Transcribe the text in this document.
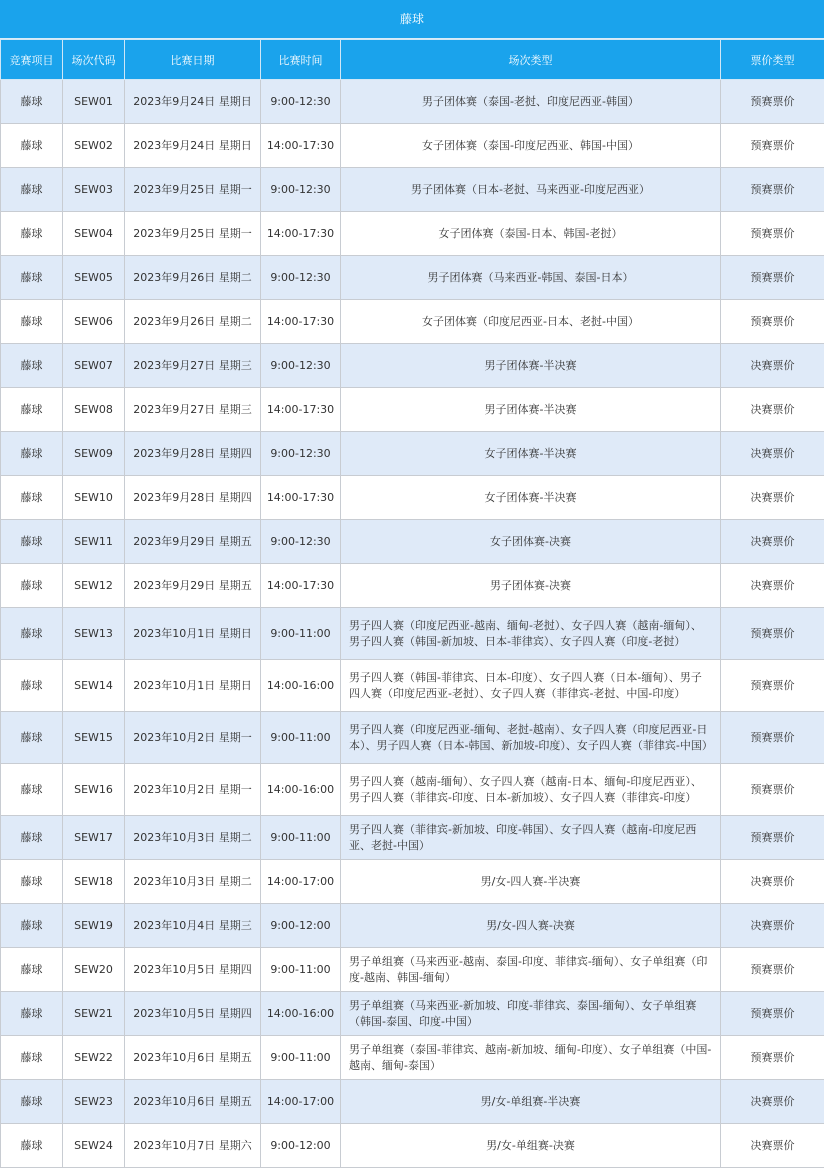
藤球
竞赛项目	场次代码	比赛日期	比赛时间	场次类型	票价类型
藤球	SEW01	2023年9月24日 星期日	9:00-12:30	男子团体赛（泰国-老挝、印度尼西亚-韩国）	预赛票价
藤球	SEW02	2023年9月24日 星期日	14:00-17:30	女子团体赛（泰国-印度尼西亚、韩国-中国）	预赛票价
藤球	SEW03	2023年9月25日 星期一	9:00-12:30	男子团体赛（日本-老挝、马来西亚-印度尼西亚）	预赛票价
藤球	SEW04	2023年9月25日 星期一	14:00-17:30	女子团体赛（泰国-日本、韩国-老挝）	预赛票价
藤球	SEW05	2023年9月26日 星期二	9:00-12:30	男子团体赛（马来西亚-韩国、泰国-日本）	预赛票价
藤球	SEW06	2023年9月26日 星期二	14:00-17:30	女子团体赛（印度尼西亚-日本、老挝-中国）	预赛票价
藤球	SEW07	2023年9月27日 星期三	9:00-12:30	男子团体赛-半决赛	决赛票价
藤球	SEW08	2023年9月27日 星期三	14:00-17:30	男子团体赛-半决赛	决赛票价
藤球	SEW09	2023年9月28日 星期四	9:00-12:30	女子团体赛-半决赛	决赛票价
藤球	SEW10	2023年9月28日 星期四	14:00-17:30	女子团体赛-半决赛	决赛票价
藤球	SEW11	2023年9月29日 星期五	9:00-12:30	女子团体赛-决赛	决赛票价
藤球	SEW12	2023年9月29日 星期五	14:00-17:30	男子团体赛-决赛	决赛票价
藤球	SEW13	2023年10月1日 星期日	9:00-11:00	男子四人赛（印度尼西亚-越南、缅甸-老挝）、女子四人赛（越南-缅甸）、男子四人赛（韩国-新加坡、日本-菲律宾）、女子四人赛（印度-老挝）	预赛票价
藤球	SEW14	2023年10月1日 星期日	14:00-16:00	男子四人赛（韩国-菲律宾、日本-印度）、女子四人赛（日本-缅甸）、男子四人赛（印度尼西亚-老挝）、女子四人赛（菲律宾-老挝、中国-印度）	预赛票价
藤球	SEW15	2023年10月2日 星期一	9:00-11:00	男子四人赛（印度尼西亚-缅甸、老挝-越南）、女子四人赛（印度尼西亚-日本）、男子四人赛（日本-韩国、新加坡-印度）、女子四人赛（菲律宾-中国）	预赛票价
藤球	SEW16	2023年10月2日 星期一	14:00-16:00	男子四人赛（越南-缅甸）、女子四人赛（越南-日本、缅甸-印度尼西亚）、男子四人赛（菲律宾-印度、日本-新加坡）、女子四人赛（菲律宾-印度）	预赛票价
藤球	SEW17	2023年10月3日 星期二	9:00-11:00	男子四人赛（菲律宾-新加坡、印度-韩国）、女子四人赛（越南-印度尼西亚、老挝-中国）	预赛票价
藤球	SEW18	2023年10月3日 星期二	14:00-17:00	男/女-四人赛-半决赛	决赛票价
藤球	SEW19	2023年10月4日 星期三	9:00-12:00	男/女-四人赛-决赛	决赛票价
藤球	SEW20	2023年10月5日 星期四	9:00-11:00	男子单组赛（马来西亚-越南、泰国-印度、菲律宾-缅甸）、女子单组赛（印度-越南、韩国-缅甸）	预赛票价
藤球	SEW21	2023年10月5日 星期四	14:00-16:00	男子单组赛（马来西亚-新加坡、印度-菲律宾、泰国-缅甸）、女子单组赛（韩国-泰国、印度-中国）	预赛票价
藤球	SEW22	2023年10月6日 星期五	9:00-11:00	男子单组赛（泰国-菲律宾、越南-新加坡、缅甸-印度）、女子单组赛（中国-越南、缅甸-泰国）	预赛票价
藤球	SEW23	2023年10月6日 星期五	14:00-17:00	男/女-单组赛-半决赛	决赛票价
藤球	SEW24	2023年10月7日 星期六	9:00-12:00	男/女-单组赛-决赛	决赛票价
